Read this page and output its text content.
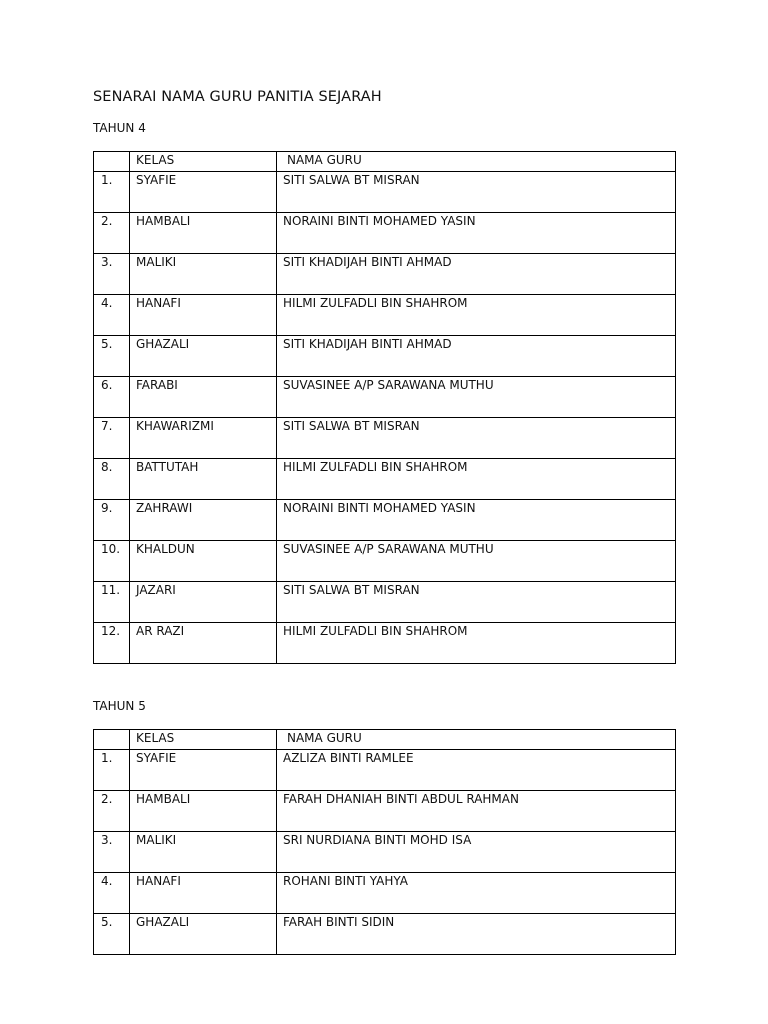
SENARAI NAMA GURU PANITIA SEJARAH
TAHUN 4

	KELAS	NAMA GURU

1.	SYAFIE	SITI SALWA BT MISRAN

2.	HAMBALI	NORAINI BINTI MOHAMED YASIN

3.	MALIKI	SITI KHADIJAH BINTI AHMAD

4.	HANAFI	HILMI ZULFADLI BIN SHAHROM

5.	GHAZALI	SITI KHADIJAH BINTI AHMAD

6.	FARABI	SUVASINEE A/P SARAWANA MUTHU

7.	KHAWARIZMI	SITI SALWA BT MISRAN

8.	BATTUTAH	HILMI ZULFADLI BIN SHAHROM

9.	ZAHRAWI	NORAINI BINTI MOHAMED YASIN

10.	KHALDUN	SUVASINEE A/P SARAWANA MUTHU

11.	JAZARI	SITI SALWA BT MISRAN

12.	AR RAZI	HILMI ZULFADLI BIN SHAHROM
TAHUN 5

	KELAS	NAMA GURU

1.	SYAFIE	AZLIZA BINTI RAMLEE

2.	HAMBALI	FARAH DHANIAH BINTI ABDUL RAHMAN

3.	MALIKI	SRI NURDIANA BINTI MOHD ISA

4.	HANAFI	ROHANI BINTI YAHYA

5.	GHAZALI	FARAH BINTI SIDIN
